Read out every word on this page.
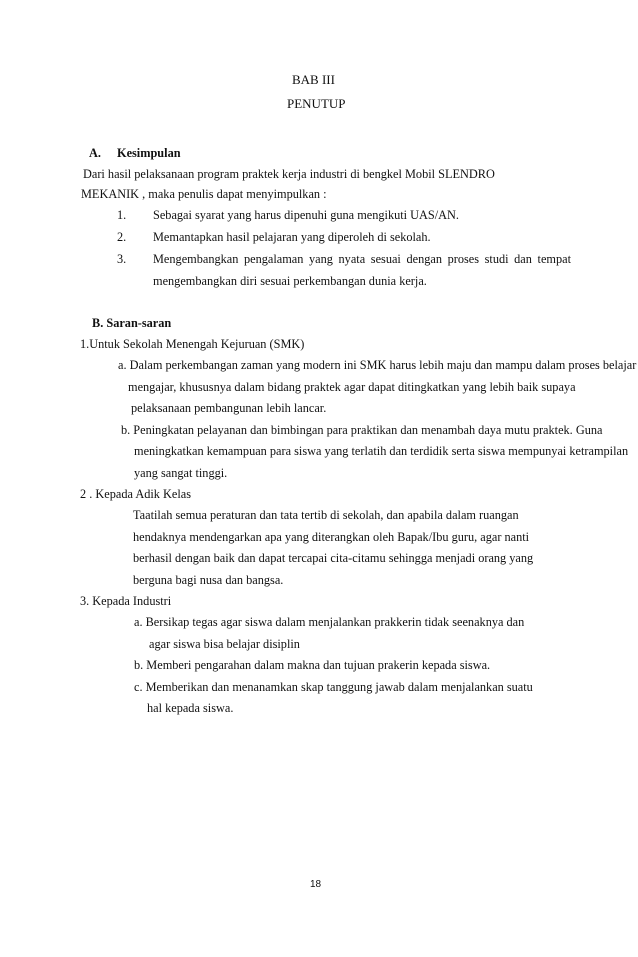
BAB III
PENUTUP
A. Kesimpulan
Dari hasil pelaksanaan program praktek kerja industri di bengkel Mobil SLENDRO
MEKANIK , maka penulis dapat menyimpulkan :
1. Sebagai syarat yang harus dipenuhi guna mengikuti UAS/AN.
2. Memantapkan hasil pelajaran yang diperoleh di sekolah.
3. Mengembangkan pengalaman yang nyata sesuai dengan proses studi dan tempat
mengembangkan diri sesuai perkembangan dunia kerja.
B. Saran-saran
1.Untuk Sekolah Menengah Kejuruan (SMK)
a. Dalam perkembangan zaman yang modern ini SMK harus lebih maju dan mampu dalam proses belajar
mengajar, khususnya dalam bidang praktek agar dapat ditingkatkan yang lebih baik supaya
pelaksanaan pembangunan lebih lancar.
b. Peningkatan pelayanan dan bimbingan para praktikan dan menambah daya mutu praktek. Guna
meningkatkan kemampuan para siswa yang terlatih dan terdidik serta siswa mempunyai ketrampilan
yang sangat tinggi.
2 . Kepada Adik Kelas
Taatilah semua peraturan dan tata tertib di sekolah, dan apabila dalam ruangan
hendaknya mendengarkan apa yang diterangkan oleh Bapak/Ibu guru, agar nanti
berhasil dengan baik dan dapat tercapai cita-citamu sehingga menjadi orang yang
berguna bagi nusa dan bangsa.
3. Kepada Industri
a. Bersikap tegas agar siswa dalam menjalankan prakkerin tidak seenaknya dan
agar siswa bisa belajar disiplin
b. Memberi pengarahan dalam makna dan tujuan prakerin kepada siswa.
c. Memberikan dan menanamkan skap tanggung jawab dalam menjalankan suatu
hal kepada siswa.
18
